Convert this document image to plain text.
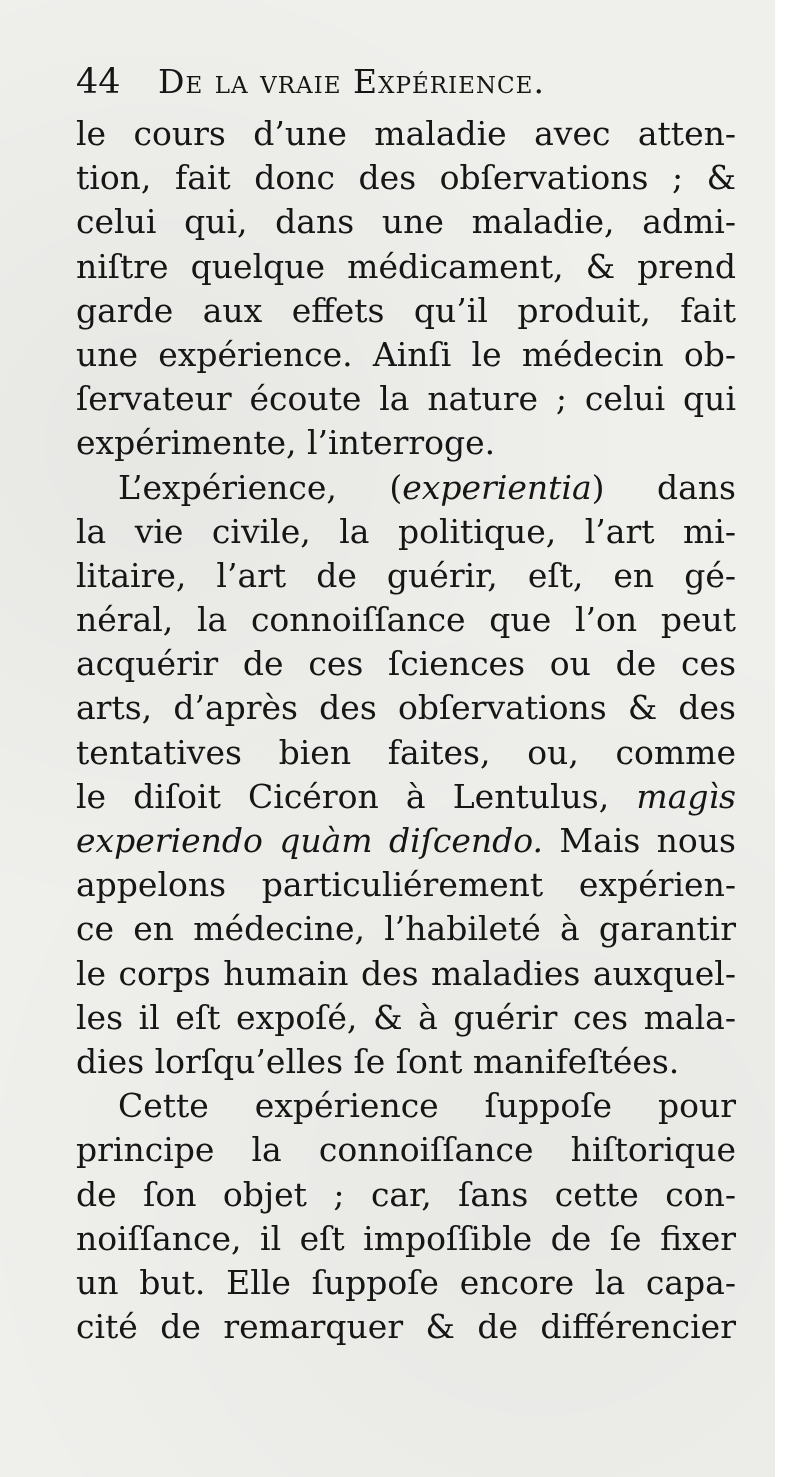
44 De la vraie Expérience.
le cours d’une maladie avec atten-
tion, fait donc des obſervations ; &
celui qui, dans une maladie, admi-
niſtre quelque médicament, & prend
garde aux effets qu’il produit, fait
une expérience. Ainſi le médecin ob-
ſervateur écoute la nature ; celui qui
expérimente, l’interroge.
L’expérience, (experientia) dans
la vie civile, la politique, l’art mi-
litaire, l’art de guérir, eſt, en gé-
néral, la connoiſſance que l’on peut
acquérir de ces ſciences ou de ces
arts, d’après des obſervations & des
tentatives bien faites, ou, comme
le diſoit Cicéron à Lentulus, magìs
experiendo quàm diſcendo. Mais nous
appelons particuliérement expérien-
ce en médecine, l’habileté à garantir
le corps humain des maladies auxquel-
les il eſt expoſé, & à guérir ces mala-
dies lorſqu’elles ſe ſont manifeſtées.
Cette expérience ſuppoſe pour
principe la connoiſſance hiſtorique
de ſon objet ; car, ſans cette con-
noiſſance, il eſt impoſſible de ſe fixer
un but. Elle ſuppoſe encore la capa-
cité de remarquer & de différencier
